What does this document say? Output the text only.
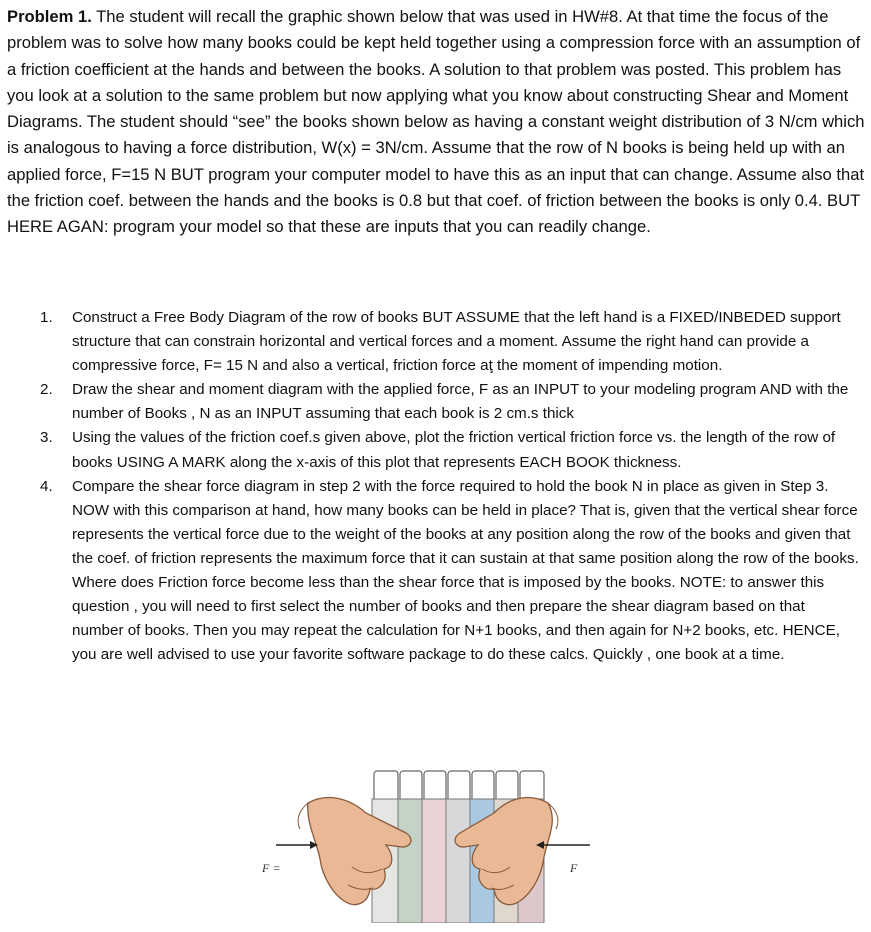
Problem 1. The student will recall the graphic shown below that was used in HW#8. At that time the focus of the problem was to solve how many books could be kept held together using a compression force with an assumption of a friction coefficient at the hands and between the books. A solution to that problem was posted. This problem has you look at a solution to the same problem but now applying what you know about constructing Shear and Moment Diagrams. The student should “see” the books shown below as having a constant weight distribution of 3 N/cm which is analogous to having a force distribution, W(x) = 3N/cm. Assume that the row of N books is being held up with an applied force, F=15 N BUT program your computer model to have this as an input that can change. Assume also that the friction coef. between the hands and the books is 0.8 but that coef. of friction between the books is only 0.4. BUT HERE AGAN: program your model so that these are inputs that you can readily change.
1. Construct a Free Body Diagram of the row of books BUT ASSUME that the left hand is a FIXED/INBEDED support structure that can constrain horizontal and vertical forces and a moment. Assume the right hand can provide a compressive force, F= 15 N and also a vertical, friction force aţ the moment of impending motion.
2. Draw the shear and moment diagram with the applied force, F as an INPUT to your modeling program AND with the number of Books , N as an INPUT assuming that each book is 2 cm.s thick
3. Using the values of the friction coef.s given above, plot the friction vertical friction force vs. the length of the row of books USING A MARK along the x-axis of this plot that represents EACH BOOK thickness.
4. Compare the shear force diagram in step 2 with the force required to hold the book N in place as given in Step 3. NOW with this comparison at hand, how many books can be held in place? That is, given that the vertical shear force represents the vertical force due to the weight of the books at any position along the row of the books and given that the coef. of friction represents the maximum force that it can sustain at that same position along the row of the books. Where does Friction force become less than the shear force that is imposed by the books. NOTE: to answer this question , you will need to first select the number of books and then prepare the shear diagram based on that number of books. Then you may repeat the calculation for N+1 books, and then again for N+2 books, etc. HENCE, you are well advised to use your favorite software package to do these calcs. Quickly , one book at a time.
F =	F
